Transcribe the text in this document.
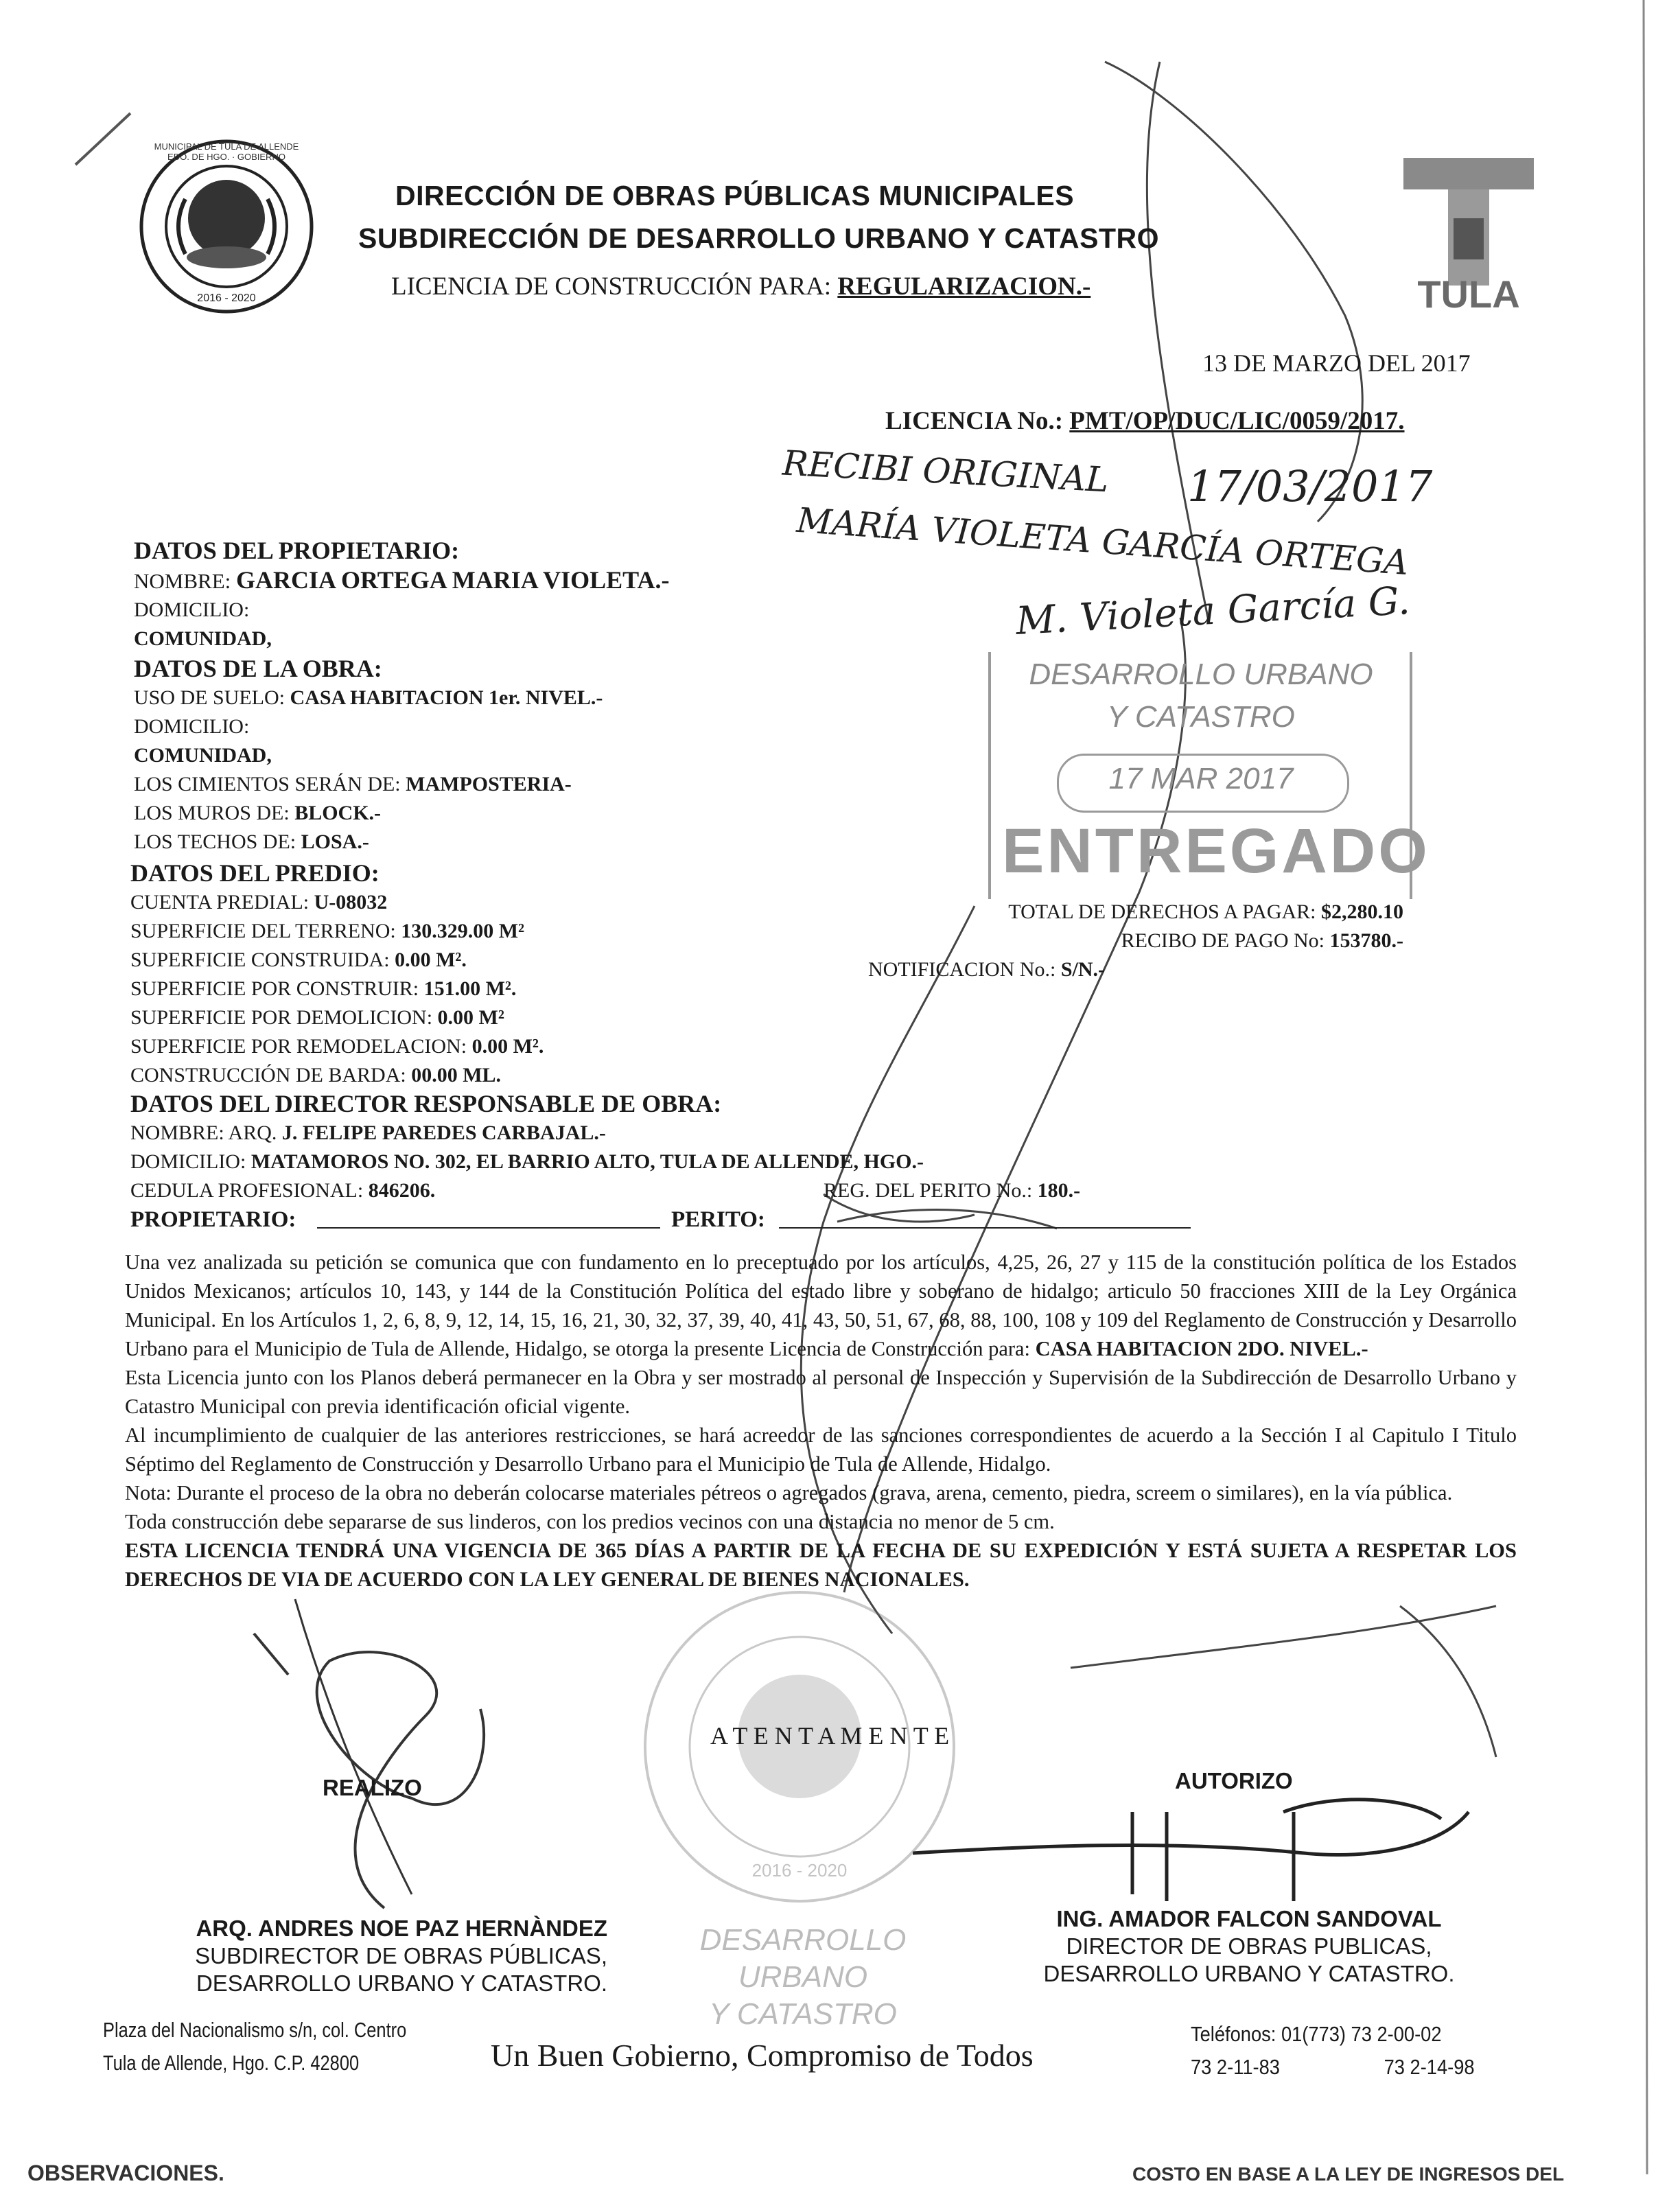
MUNICIPAL DE TULA DE ALLENDE EDO. DE HGO. · GOBIERNO
2016 - 2020
DIRECCIÓN DE OBRAS PÚBLICAS MUNICIPALES
SUBDIRECCIÓN DE DESARROLLO URBANO Y CATASTRO
LICENCIA DE CONSTRUCCIÓN PARA: REGULARIZACION.-	TULA
13 DE MARZO DEL 2017
LICENCIA No.: PMT/OP/DUC/LIC/0059/2017.
RECIBI ORIGINAL 17/03/2017
MARÍA VIOLETA GARCÍA ORTEGA
M. Violeta García G.
DESARROLLO URBANO
Y CATASTRO
17 MAR 2017
ENTREGADO
DATOS DEL PROPIETARIO:
NOMBRE: GARCIA ORTEGA MARIA VIOLETA.-
DOMICILIO:
COMUNIDAD,
DATOS DE LA OBRA:
USO DE SUELO: CASA HABITACION 1er. NIVEL.-
DOMICILIO:
COMUNIDAD,
LOS CIMIENTOS SERÁN DE: MAMPOSTERIA-
LOS MUROS DE: BLOCK.-
LOS TECHOS DE: LOSA.-
DATOS DEL PREDIO:
CUENTA PREDIAL: U-08032
SUPERFICIE DEL TERRENO: 130.329.00 M²
SUPERFICIE CONSTRUIDA: 0.00 M².
SUPERFICIE POR CONSTRUIR: 151.00 M².
SUPERFICIE POR DEMOLICION: 0.00 M²
SUPERFICIE POR REMODELACION: 0.00 M².
CONSTRUCCIÓN DE BARDA: 00.00 ML.
TOTAL DE DERECHOS A PAGAR: $2,280.10
RECIBO DE PAGO No: 153780.-
NOTIFICACION No.: S/N.-
DATOS DEL DIRECTOR RESPONSABLE DE OBRA:
NOMBRE: ARQ. J. FELIPE PAREDES CARBAJAL.-
DOMICILIO: MATAMOROS NO. 302, EL BARRIO ALTO, TULA DE ALLENDE, HGO.-
CEDULA PROFESIONAL: 846206.	REG. DEL PERITO No.: 180.-
PROPIETARIO:	PERITO:
Una vez analizada su petición se comunica que con fundamento en lo preceptuado por los artículos, 4,25, 26, 27 y 115 de la constitución política de los Estados Unidos Mexicanos; artículos 10, 143, y 144 de la Constitución Política del estado libre y soberano de hidalgo; articulo 50 fracciones XIII de la Ley Orgánica Municipal. En los Artículos 1, 2, 6, 8, 9, 12, 14, 15, 16, 21, 30, 32, 37, 39, 40, 41, 43, 50, 51, 67, 68, 88, 100, 108 y 109 del Reglamento de Construcción y Desarrollo Urbano para el Municipio de Tula de Allende, Hidalgo, se otorga la presente Licencia de Construcción para: CASA HABITACION 2DO. NIVEL.-
Esta Licencia junto con los Planos deberá permanecer en la Obra y ser mostrado al personal de Inspección y Supervisión de la Subdirección de Desarrollo Urbano y Catastro Municipal con previa identificación oficial vigente.
Al incumplimiento de cualquier de las anteriores restricciones, se hará acreedor de las sanciones correspondientes de acuerdo a la Sección I al Capitulo I Titulo Séptimo del Reglamento de Construcción y Desarrollo Urbano para el Municipio de Tula de Allende, Hidalgo.
Nota: Durante el proceso de la obra no deberán colocarse materiales pétreos o agregados (grava, arena, cemento, piedra, screem o similares), en la vía pública.
Toda construcción debe separarse de sus linderos, con los predios vecinos con una distancia no menor de 5 cm.
ESTA LICENCIA TENDRÁ UNA VIGENCIA DE 365 DÍAS A PARTIR DE LA FECHA DE SU EXPEDICIÓN Y ESTÁ SUJETA A RESPETAR LOS DERECHOS DE VIA DE ACUERDO CON LA LEY GENERAL DE BIENES NACIONALES.
2016 - 2020
A T E N T A M E N T E
REALIZO	AUTORIZO
ARQ. ANDRES NOE PAZ HERNÀNDEZ
SUBDIRECTOR DE OBRAS PÚBLICAS,
DESARROLLO URBANO Y CATASTRO.
DESARROLLO URBANO
Y CATASTRO
ING. AMADOR FALCON SANDOVAL
DIRECTOR DE OBRAS PUBLICAS,
DESARROLLO URBANO Y CATASTRO.
Plaza del Nacionalismo s/n, col. Centro
Tula de Allende, Hgo. C.P. 42800	Un Buen Gobierno, Compromiso de Todos
Teléfonos: 01(773) 73 2-00-02
73 2-11-83	73 2-14-98
OBSERVACIONES.	COSTO EN BASE A LA LEY DE INGRESOS DEL
